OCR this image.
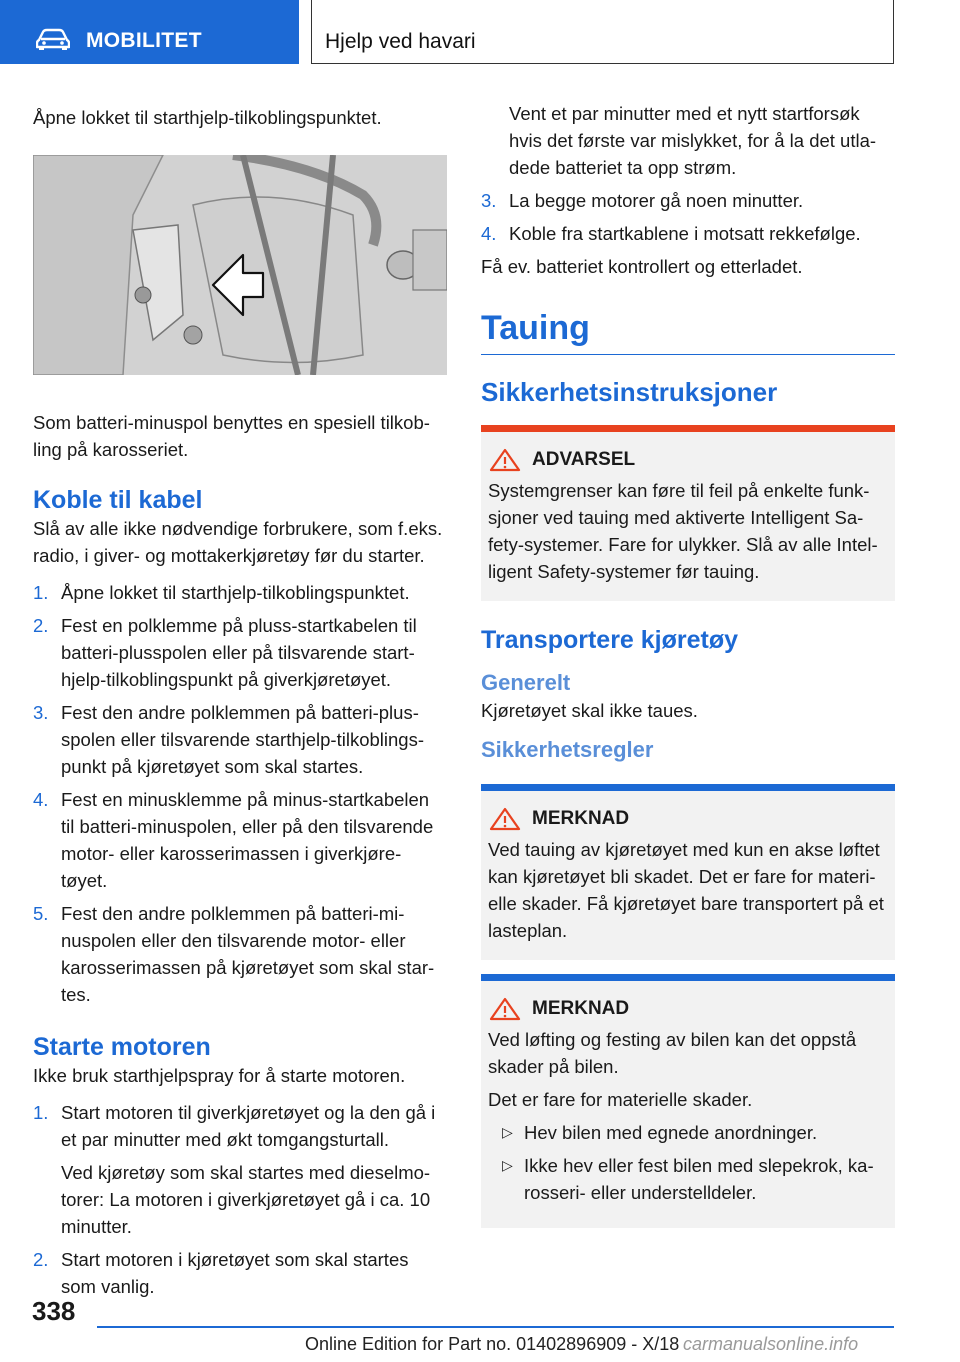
MOBILITET	Hjelp ved havari

Åpne lokket til starthjelp-tilkoblingspunktet.

Som batteri-minuspol benyttes en spesiell tilkob-ling på karosseriet.

Koble til kabel

Slå av alle ikke nødvendige forbrukere, som f.eks. radio, i giver- og mottakerkjøretøy før du starter.

1. Åpne lokket til starthjelp-tilkoblingspunktet.
2. Fest en polklemme på pluss-startkabelen til batteri-plusspolen eller på tilsvarende start-hjelp-tilkoblingspunkt på giverkjøretøyet.
3. Fest den andre polklemmen på batteri-plus-spolen eller tilsvarende starthjelp-tilkoblings-punkt på kjøretøyet som skal startes.
4. Fest en minusklemme på minus-startkabelen til batteri-minuspolen, eller på den tilsvarende motor- eller karosserimassen i giverkjøre-tøyet.
5. Fest den andre polklemmen på batteri-mi-nuspolen eller den tilsvarende motor- eller karosserimassen på kjøretøyet som skal star-tes.
Starte motoren

Ikke bruk starthjelpspray for å starte motoren.

1. Start motoren til giverkjøretøyet og la den gå i et par minutter med økt tomgangsturtall.

Ved kjøretøy som skal startes med dieselmo-torer: La motoren i giverkjøretøyet gå i ca. 10 minutter.

2. Start motoren i kjøretøyet som skal startes som vanlig.

Vent et par minutter med et nytt startforsøk hvis det første var mislykket, for å la det utla-dede batteriet ta opp strøm.

3. La begge motorer gå noen minutter.
4. Koble fra startkablene i motsatt rekkefølge.

Få ev. batteriet kontrollert og etterladet.

Tauing
Sikkerhetsinstruksjoner
ADVARSEL

Systemgrenser kan føre til feil på enkelte funk-sjoner ved tauing med aktiverte Intelligent Sa-fety-systemer. Fare for ulykker. Slå av alle Intel-ligent Safety-systemer før tauing.

Transportere kjøretøy
Generelt

Kjøretøyet skal ikke taues.

Sikkerhetsregler
MERKNAD

Ved tauing av kjøretøyet med kun en akse løftet kan kjøretøyet bli skadet. Det er fare for materi-elle skader. Få kjøretøyet bare transportert på et lasteplan.

MERKNAD

Ved løfting og festing av bilen kan det oppstå skader på bilen.

Det er fare for materielle skader.

▷ Hev bilen med egnede anordninger.
▷ Ikke hev eller fest bilen med slepekrok, ka-rosseri- eller understelldeler.
338
Online Edition for Part no. 01402896909 - X/18 carmanualsonline.info
